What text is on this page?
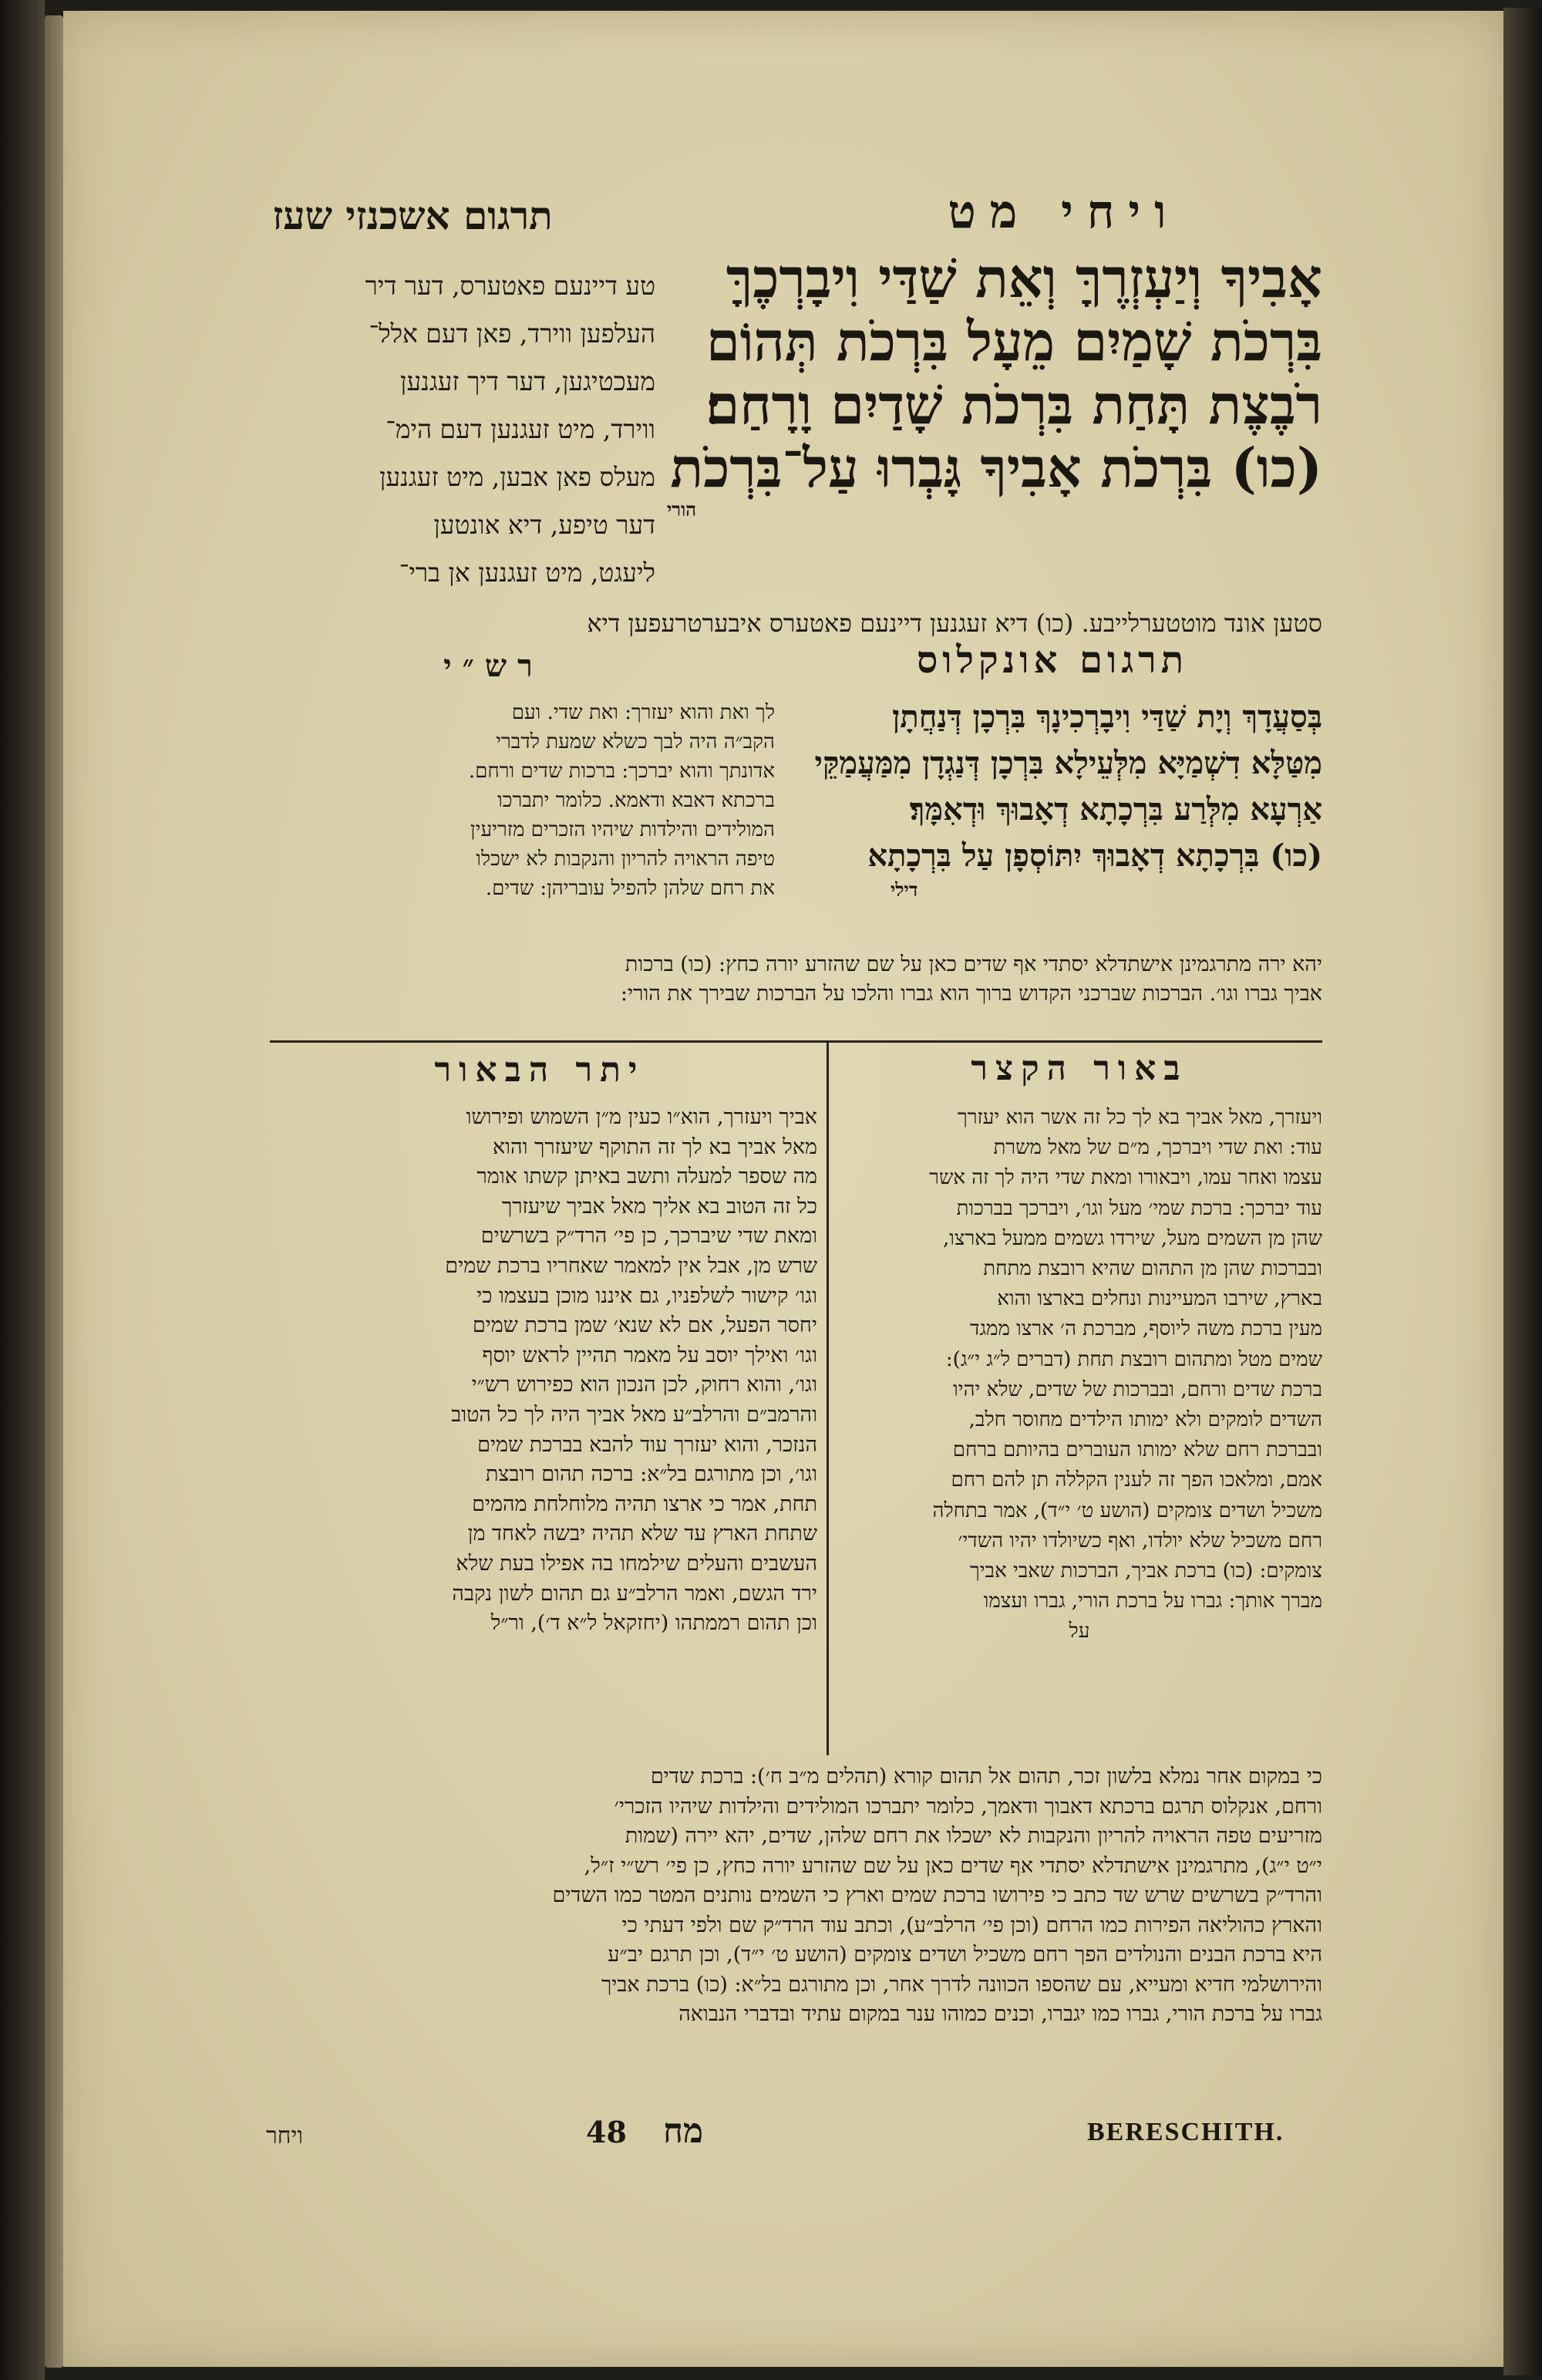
ויחי מט
תרגום אשכנזי שעז
אָבִיךָ וְיַעְזְרֶךָּ וְאֵת שַׁדַּי וִיבָרְכֶךָּ
בִּרְכֹת שָׁמַיִם מֵעָל בִּרְכֹת תְּהוֹם
רֹבֶצֶת תָּחַת בִּרְכֹת שָׁדַיִם וָרָחַם׃
(כו) בִּרְכֹת אָבִיךָ גָּבְרוּ עַל־בִּרְכֹת
הורי
טע דיינעם פאטערס, דער דיר
העלפען ווירד, פאן דעם אלל־
מעכטיגען, דער דיך זעגנען
ווירד, מיט זעגנען דעם הימ־
מעלס פאן אבען, מיט זעגנען
דער טיפע, דיא אונטען
ליעגט, מיט זעגנען אן ברי־
סטען אונד מוטטערלייבע. (כו) דיא זעגנען דיינעם פאטערס איבערטרעפען דיא
תרגום אונקלוס
רש״י
בְּסַעֲדָךְ וְיָת שַׁדַּי וִיבָרְכִינָךְ בִּרְכָן דְּנַחֲתָן
מִטַּלָּא דִשְׁמַיָּא מִלְּעֵילָא בִּרְכָן דְּנַגְדָן מִמַּעֲמַקֵּי
אַרְעָא מִלְּרַע בִּרְכָתָא דְאָבוּךְ וּדְאִמָּךְ׃
(כו) בִּרְכָתָא דְאָבוּךְ יִתּוֹסְפָן עַל בִּרְכָתָא
דילי
לך ואת והוא יעזרך: ואת שדי. ועם
הקב״ה היה לבך כשלא שמעת לדברי
אדונתך והוא יברכך: ברכות שדים ורחם.
ברכתא דאבא ודאמא. כלומר יתברכו
המולידים והילדות שיהיו הזכרים מזריעין
טיפה הראויה להריון והנקבות לא ישכלו
את רחם שלהן להפיל עובריהן: שדים.
יהא ירה מתרגמינן אישתדלא יסתדי אף שדים כאן על שם שהזרע יורה כחץ: (כו) ברכות
אביך גברו וגו׳. הברכות שברכני הקדוש ברוך הוא גברו והלכו על הברכות שבירך את הורי:
באור הקצר
יתר הבאור
ויעזרך, מאל אביך בא לך כל זה אשר הוא יעזרך
עוד: ואת שדי ויברכך, מ״ם של מאל משרת
עצמו ואחר עמו, ויבאורו ומאת שדי היה לך זה אשר
עוד יברכך: ברכת שמי׳ מעל וגו׳, ויברכך בברכות
שהן מן השמים מעל, שירדו גשמים ממעל בארצו,
ובברכות שהן מן התהום שהיא רובצת מתחת
בארץ, שירבו המעיינות ונחלים בארצו והוא
מעין ברכת משה ליוסף, מברכת ה׳ ארצו ממגד
שמים מטל ומתהום רובצת תחת (דברים ל״ג י״ג):
ברכת שדים ורחם, ובברכות של שדים, שלא יהיו
השדים לומקים ולא ימותו הילדים מחוסר חלב,
ובברכת רחם שלא ימותו העוברים בהיותם ברחם
אמם, ומלאכו הפך זה לענין הקללה תן להם רחם
משכיל ושדים צומקים (הושע ט׳ י״ד), אמר בתחלה
רחם משכיל שלא יולדו, ואף כשיולדו יהיו השדי׳
צומקים: (כו) ברכת אביך, הברכות שאבי אביך
מברך אותך: גברו על ברכת הורי, גברו ועצמו
על
אביך ויעזרך, הוא״ו כעין מ״ן השמוש ופירושו
מאל אביך בא לך זה התוקף שיעזרך והוא
מה שספר למעלה ותשב באיתן קשתו אומר
כל זה הטוב בא אליך מאל אביך שיעזרך
ומאת שדי שיברכך, כן פי׳ הרד״ק בשרשים
שרש מן, אבל אין למאמר שאחריו ברכת שמים
וגו׳ קישור לשלפניו, גם איננו מוכן בעצמו כי
יחסר הפעל, אם לא שנא׳ שמן ברכת שמים
וגו׳ ואילך יוסב על מאמר תהיין לראש יוסף
וגו׳, והוא רחוק, לכן הנכון הוא כפירוש רש״י
והרמב״ם והרלב״ע מאל אביך היה לך כל הטוב
הנזכר, והוא יעזרך עוד להבא בברכת שמים
וגו׳, וכן מתורגם בל״א: ברכה תהום רובצת
תחת, אמר כי ארצו תהיה מלוחלחת מהמים
שתחת הארץ עד שלא תהיה יבשה לאחד מן
העשבים והעלים שילמחו בה אפילו בעת שלא
ירד הגשם, ואמר הרלב״ע גם תהום לשון נקבה
וכן תהום רממתהו (יחזקאל ל״א ד׳), ור״ל
כי במקום אחר נמלא בלשון זכר, תהום אל תהום קורא (תהלים מ״ב ח׳): ברכת שדים
ורחם, אנקלוס תרגם ברכתא דאבוך ודאמך, כלומר יתברכו המולידים והילדות שיהיו הזכרי׳
מזריעים טפה הראויה להריון והנקבות לא ישכלו את רחם שלהן, שדים, יהא יירה (שמות
י״ט י״ג), מתרגמינן אישתדלא יסתדי אף שדים כאן על שם שהזרע יורה כחץ, כן פי׳ רש״י ז״ל,
והרד״ק בשרשים שרש שד כתב כי פירושו ברכת שמים וארץ כי השמים נותנים המטר כמו השדים
והארץ כהוליאה הפירות כמו הרחם (וכן פי׳ הרלב״ע), וכתב עוד הרד״ק שם ולפי דעתי כי
היא ברכת הבנים והנולדים הפך רחם משכיל ושדים צומקים (הושע ט׳ י״ד), וכן תרגם יב״ע
והירושלמי חדיא ומעייא, עם שהספו הכוונה לדרך אחר, וכן מתורגם בל״א: (כו) ברכת אביך
גברו על ברכת הורי, גברו כמו יגברו, וכנים כמוהו ענר במקום עתיד ובדברי הנבואה
ויחר	48 מח	BERESCHITH.
